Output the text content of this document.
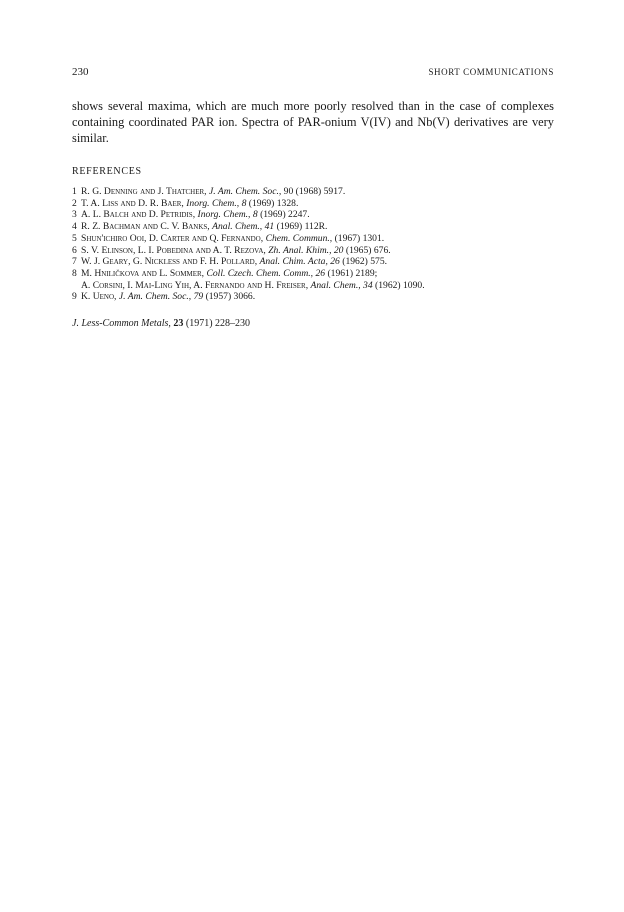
230	SHORT COMMUNICATIONS

shows several maxima, which are much more poorly resolved than in the case of complexes containing coordinated PAR ion. Spectra of PAR-onium V(IV) and Nb(V) derivatives are very similar.

REFERENCES
1 R. G. Denning and J. Thatcher, J. Am. Chem. Soc., 90 (1968) 5917.
2 T. A. Liss and D. R. Baer, Inorg. Chem., 8 (1969) 1328.
3 A. L. Balch and D. Petridis, Inorg. Chem., 8 (1969) 2247.
4 R. Z. Bachman and C. V. Banks, Anal. Chem., 41 (1969) 112R.
5 Shun'ichiro Ooi, D. Carter and Q. Fernando, Chem. Commun., (1967) 1301.
6 S. V. Elinson, L. I. Pobedina and A. T. Rezova, Zh. Anal. Khim., 20 (1965) 676.
7 W. J. Geary, G. Nickless and F. H. Pollard, Anal. Chim. Acta, 26 (1962) 575.
8 M. Hniličkova and L. Sommer, Coll. Czech. Chem. Comm., 26 (1961) 2189;
A. Corsini, I. Mai-Ling Yih, A. Fernando and H. Freiser, Anal. Chem., 34 (1962) 1090.
9 K. Ueno, J. Am. Chem. Soc., 79 (1957) 3066.
J. Less-Common Metals, 23 (1971) 228–230
